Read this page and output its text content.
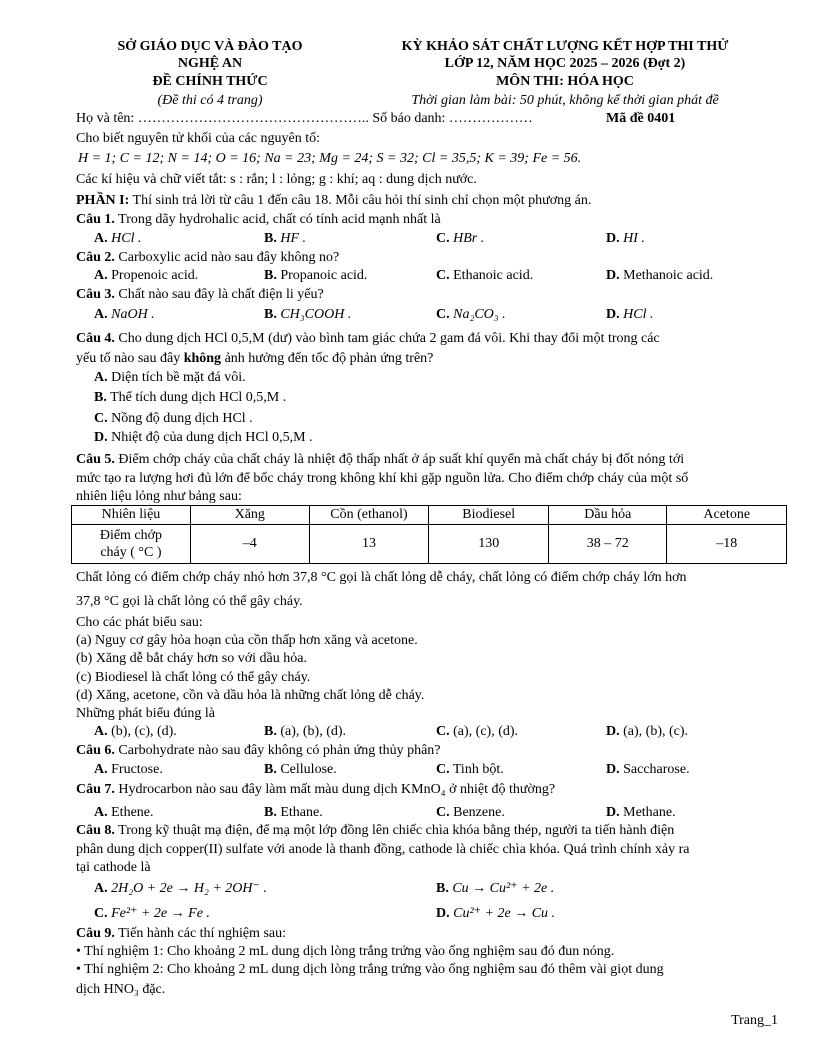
SỞ GIÁO DỤC VÀ ĐÀO TẠO
NGHỆ AN
ĐỀ CHÍNH THỨC
(Đề thi có 4 trang)
KỲ KHẢO SÁT CHẤT LƯỢNG KẾT HỢP THI THỬ
LỚP 12, NĂM HỌC 2025 – 2026 (Đợt 2)
MÔN THI: HÓA HỌC
Thời gian làm bài: 50 phút, không kể thời gian phát đề
Họ và tên: ………………………………………….. Số báo danh: ………………	Mã đề 0401
Cho biết nguyên tử khối của các nguyên tố:
H = 1; C = 12; N = 14; O = 16; Na = 23; Mg = 24; S = 32; Cl = 35,5; K = 39; Fe = 56.
Các kí hiệu và chữ viết tắt: s : rắn; l : lỏng; g : khí; aq : dung dịch nước.
PHẦN I: Thí sinh trả lời từ câu 1 đến câu 18. Mỗi câu hỏi thí sinh chỉ chọn một phương án.
Câu 1. Trong dãy hydrohalic acid, chất có tính acid mạnh nhất là
A. HCl .	B. HF .	C. HBr .	D. HI .
Câu 2. Carboxylic acid nào sau đây không no?
A. Propenoic acid.	B. Propanoic acid.	C. Ethanoic acid.	D. Methanoic acid.
Câu 3. Chất nào sau đây là chất điện li yếu?
A. NaOH .	B. CH₃COOH .	C. Na₂CO₃ .	D. HCl .
Câu 4. Cho dung dịch HCl 0,5,M (dư) vào bình tam giác chứa 2 gam đá vôi. Khi thay đổi một trong các
yếu tố nào sau đây không ảnh hưởng đến tốc độ phản ứng trên?
A. Diện tích bề mặt đá vôi.
B. Thể tích dung dịch HCl 0,5,M .
C. Nồng độ dung dịch HCl .
D. Nhiệt độ của dung dịch HCl 0,5,M .
Câu 5. Điểm chớp cháy của chất cháy là nhiệt độ thấp nhất ở áp suất khí quyển mà chất cháy bị đốt nóng tới
mức tạo ra lượng hơi đủ lớn để bốc cháy trong không khí khi gặp nguồn lửa. Cho điểm chớp cháy của một số
nhiên liệu lỏng như bảng sau:
Nhiên liệu	Xăng	Cồn (ethanol)	Biodiesel	Dầu hỏa	Acetone

Điểm chớp
cháy ( °C )	–4	13	130	38 – 72	–18
Chất lỏng có điểm chớp cháy nhỏ hơn 37,8 °C gọi là chất lỏng dễ cháy, chất lỏng có điểm chớp cháy lớn hơn
37,8 °C gọi là chất lỏng có thể gây cháy.
Cho các phát biểu sau:
(a) Nguy cơ gây hỏa hoạn của cồn thấp hơn xăng và acetone.
(b) Xăng dễ bắt cháy hơn so với dầu hỏa.
(c) Biodiesel là chất lỏng có thể gây cháy.
(d) Xăng, acetone, cồn và dầu hỏa là những chất lỏng dễ cháy.
Những phát biểu đúng là
A. (b), (c), (d).	B. (a), (b), (d).	C. (a), (c), (d).	D. (a), (b), (c).
Câu 6. Carbohydrate nào sau đây không có phản ứng thủy phân?
A. Fructose.	B. Cellulose.	C. Tinh bột.	D. Saccharose.
Câu 7. Hydrocarbon nào sau đây làm mất màu dung dịch KMnO₄ ở nhiệt độ thường?
A. Ethene.	B. Ethane.	C. Benzene.	D. Methane.
Câu 8. Trong kỹ thuật mạ điện, để mạ một lớp đồng lên chiếc chìa khóa bằng thép, người ta tiến hành điện
phân dung dịch copper(II) sulfate với anode là thanh đồng, cathode là chiếc chìa khóa. Quá trình chính xảy ra
tại cathode là
A. 2H₂O + 2e → H₂ + 2OH⁻ .	B. Cu → Cu²⁺ + 2e .
C. Fe²⁺ + 2e → Fe .	D. Cu²⁺ + 2e → Cu .
Câu 9. Tiến hành các thí nghiệm sau:
• Thí nghiệm 1: Cho khoảng 2 mL dung dịch lòng trắng trứng vào ống nghiệm sau đó đun nóng.
• Thí nghiệm 2: Cho khoảng 2 mL dung dịch lòng trắng trứng vào ống nghiệm sau đó thêm vài giọt dung
dịch HNO₃ đặc.
Trang_1
